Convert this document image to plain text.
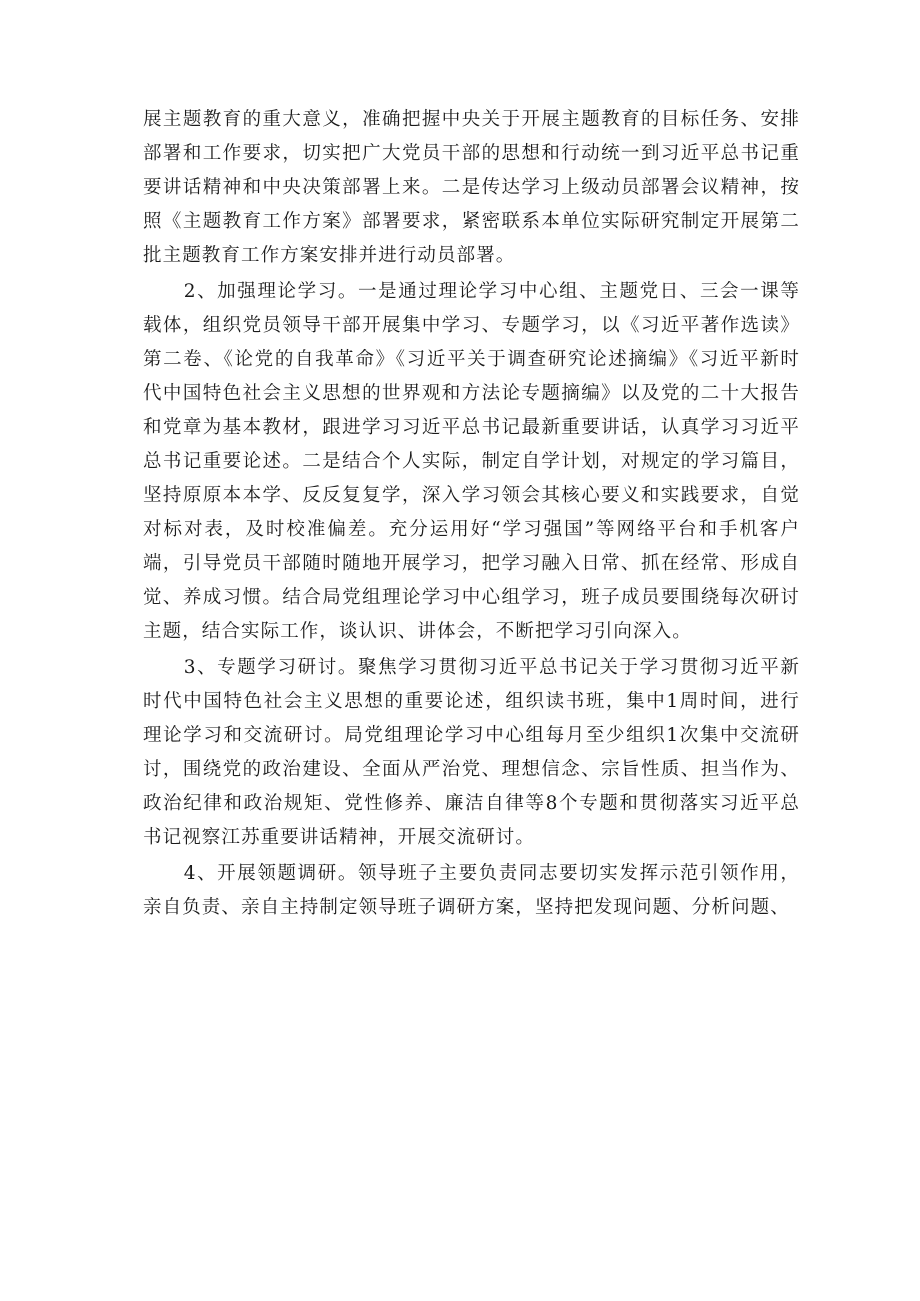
展主题教育的重大意义，准确把握中央关于开展主题教育的目标任务、安排部署和工作要求，切实把广大党员干部的思想和行动统一到习近平总书记重要讲话精神和中央决策部署上来。二是传达学习上级动员部署会议精神，按照《主题教育工作方案》部署要求，紧密联系本单位实际研究制定开展第二批主题教育工作方案安排并进行动员部署。

2、加强理论学习。一是通过理论学习中心组、主题党日、三会一课等载体，组织党员领导干部开展集中学习、专题学习，以《习近平著作选读》第二卷、《论党的自我革命》《习近平关于调查研究论述摘编》《习近平新时代中国特色社会主义思想的世界观和方法论专题摘编》以及党的二十大报告和党章为基本教材，跟进学习习近平总书记最新重要讲话，认真学习习近平总书记重要论述。二是结合个人实际，制定自学计划，对规定的学习篇目，坚持原原本本学、反反复复学，深入学习领会其核心要义和实践要求，自觉对标对表，及时校准偏差。充分运用好“学习强国”等网络平台和手机客户端，引导党员干部随时随地开展学习，把学习融入日常、抓在经常、形成自觉、养成习惯。结合局党组理论学习中心组学习，班子成员要围绕每次研讨主题，结合实际工作，谈认识、讲体会，不断把学习引向深入。

3、专题学习研讨。聚焦学习贯彻习近平总书记关于学习贯彻习近平新时代中国特色社会主义思想的重要论述，组织读书班，集中1周时间，进行理论学习和交流研讨。局党组理论学习中心组每月至少组织1次集中交流研讨，围绕党的政治建设、全面从严治党、理想信念、宗旨性质、担当作为、政治纪律和政治规矩、党性修养、廉洁自律等8个专题和贯彻落实习近平总书记视察江苏重要讲话精神，开展交流研讨。

4、开展领题调研。领导班子主要负责同志要切实发挥示范引领作用，亲自负责、亲自主持制定领导班子调研方案，坚持把发现问题、分析问题、
